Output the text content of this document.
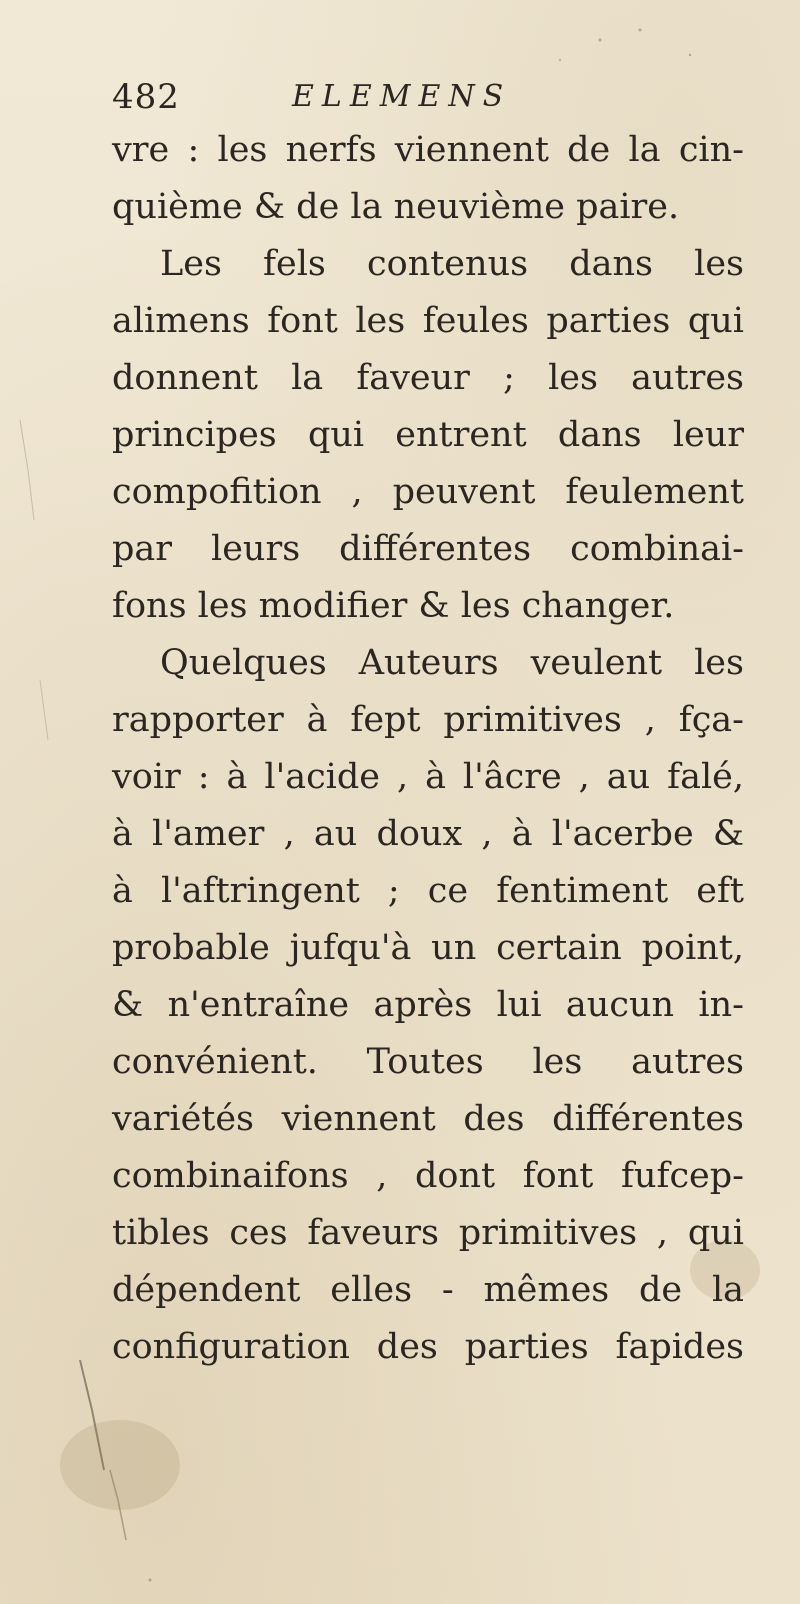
482	ELEMENS
vre : les nerfs viennent de la cin-
quième & de la neuvième paire.
Les fels contenus dans les
alimens font les feules parties qui
donnent la faveur ; les autres
principes qui entrent dans leur
compofition , peuvent feulement
par leurs différentes combinai-
fons les modifier & les changer.
Quelques Auteurs veulent les
rapporter à fept primitives , fça-
voir : à l'acide , à l'âcre , au falé,
à l'amer , au doux , à l'acerbe &
à l'aftringent ; ce fentiment eft
probable jufqu'à un certain point,
& n'entraîne après lui aucun in-
convénient. Toutes les autres
variétés viennent des différentes
combinaifons , dont font fufcep-
tibles ces faveurs primitives , qui
dépendent elles - mêmes de la
configuration des parties fapides
